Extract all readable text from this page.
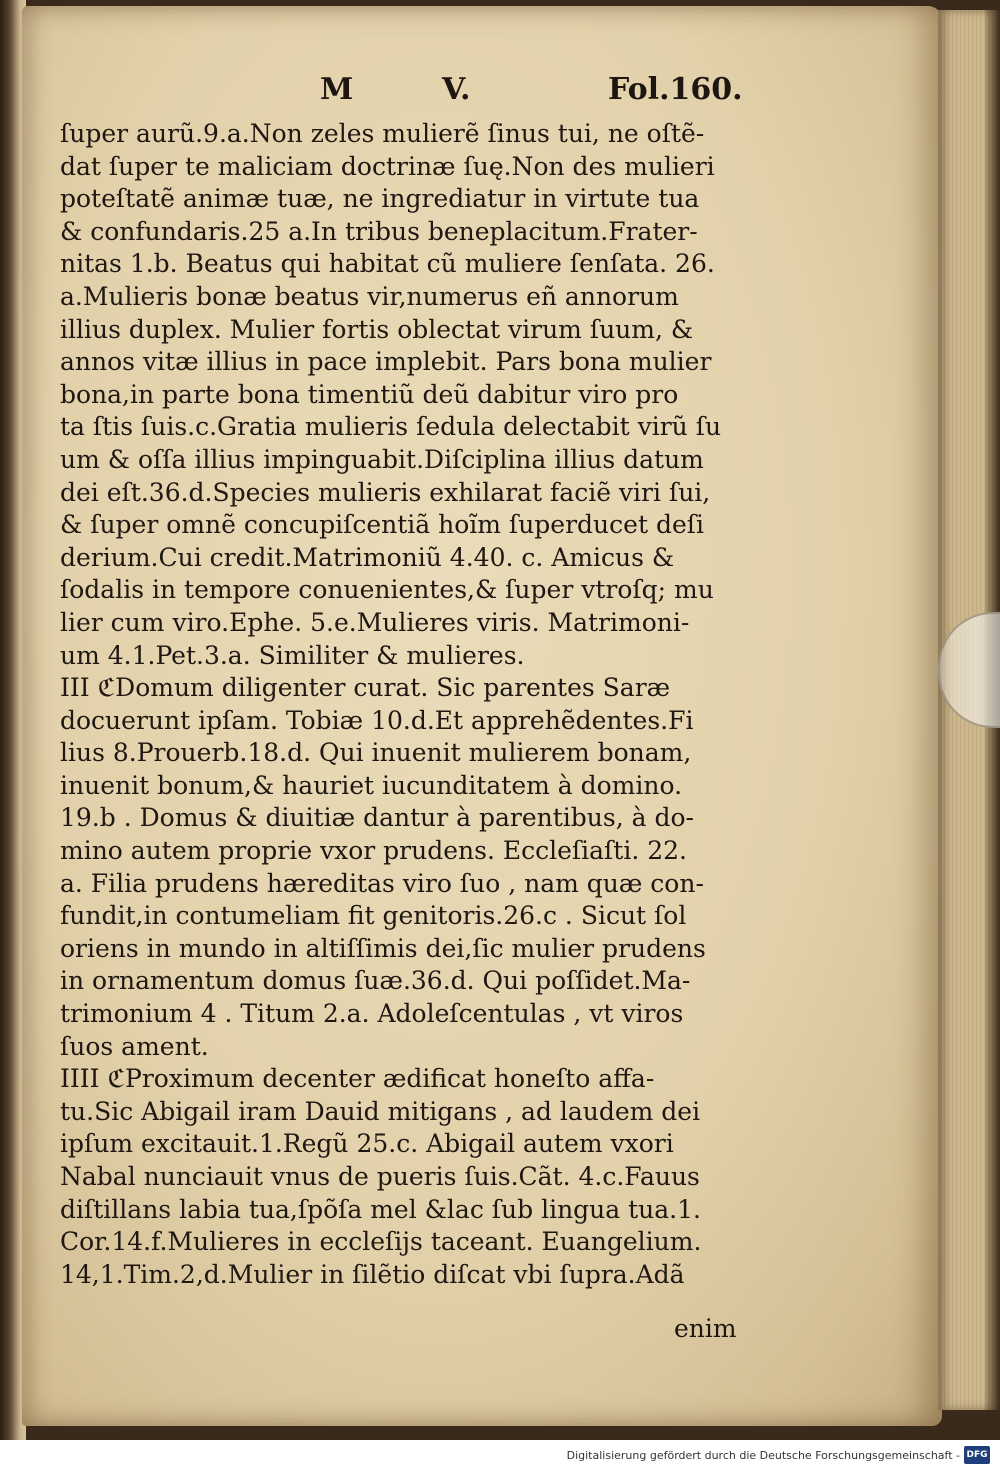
M	V.	Fol.160.
ſuper aurũ.9.a.Non zeles mulierẽ ſinus tui, ne oſtẽ-
dat ſuper te maliciam doctrinæ ſuę.Non des mulieri
poteſtatẽ animæ tuæ, ne ingrediatur in virtute tua
& confundaris.25 a.In tribus beneplacitum.Frater-
nitas 1.b. Beatus qui habitat cũ muliere ſenſata. 26.
a.Mulieris bonæ beatus vir,numerus eñ annorum
illius duplex. Mulier fortis oblectat virum ſuum, &
annos vitæ illius in pace implebit. Pars bona mulier
bona,in parte bona timentiũ deũ dabitur viro pro
ta ſtis ſuis.c.Gratia mulieris ſedula delectabit virũ ſu
um & oſſa illius impinguabit.Diſciplina illius datum
dei eſt.36.d.Species mulieris exhilarat faciẽ viri ſui,
& ſuper omnẽ concupiſcentiã hoĩm ſuperducet deſi
derium.Cui credit.Matrimoniũ 4.40. c. Amicus &
ſodalis in tempore conuenientes,& ſuper vtroſq; mu
lier cum viro.Ephe. 5.e.Mulieres viris. Matrimoni-
um 4.1.Pet.3.a. Similiter & mulieres.
III ℭDomum diligenter curat. Sic parentes Saræ
docuerunt ipſam. Tobiæ 10.d.Et apprehẽdentes.Fi
lius 8.Prouerb.18.d. Qui inuenit mulierem bonam,
inuenit bonum,& hauriet iucunditatem à domino.
19.b . Domus & diuitiæ dantur à parentibus, à do-
mino autem proprie vxor prudens. Eccleſiaſti. 22.
a. Filia prudens hæreditas viro ſuo , nam quæ con-
fundit,in contumeliam fit genitoris.26.c . Sicut ſol
oriens in mundo in altiſſimis dei,ſic mulier prudens
in ornamentum domus ſuæ.36.d. Qui poſſidet.Ma-
trimonium 4 . Titum 2.a. Adoleſcentulas , vt viros
ſuos ament.
IIII ℭProximum decenter ædificat honeſto affa-
tu.Sic Abigail iram Dauid mitigans , ad laudem dei
ipſum excitauit.1.Regũ 25.c. Abigail autem vxori
Nabal nunciauit vnus de pueris ſuis.Cãt. 4.c.Fauus
diſtillans labia tua,ſpõſa mel &lac ſub lingua tua.1.
Cor.14.f.Mulieres in eccleſijs taceant. Euangelium.
14,1.Tim.2,d.Mulier in ſilẽtio diſcat vbi ſupra.Adã
enim
Digitalisierung gefördert durch die Deutsche Forschungsgemeinschaft - DFG
